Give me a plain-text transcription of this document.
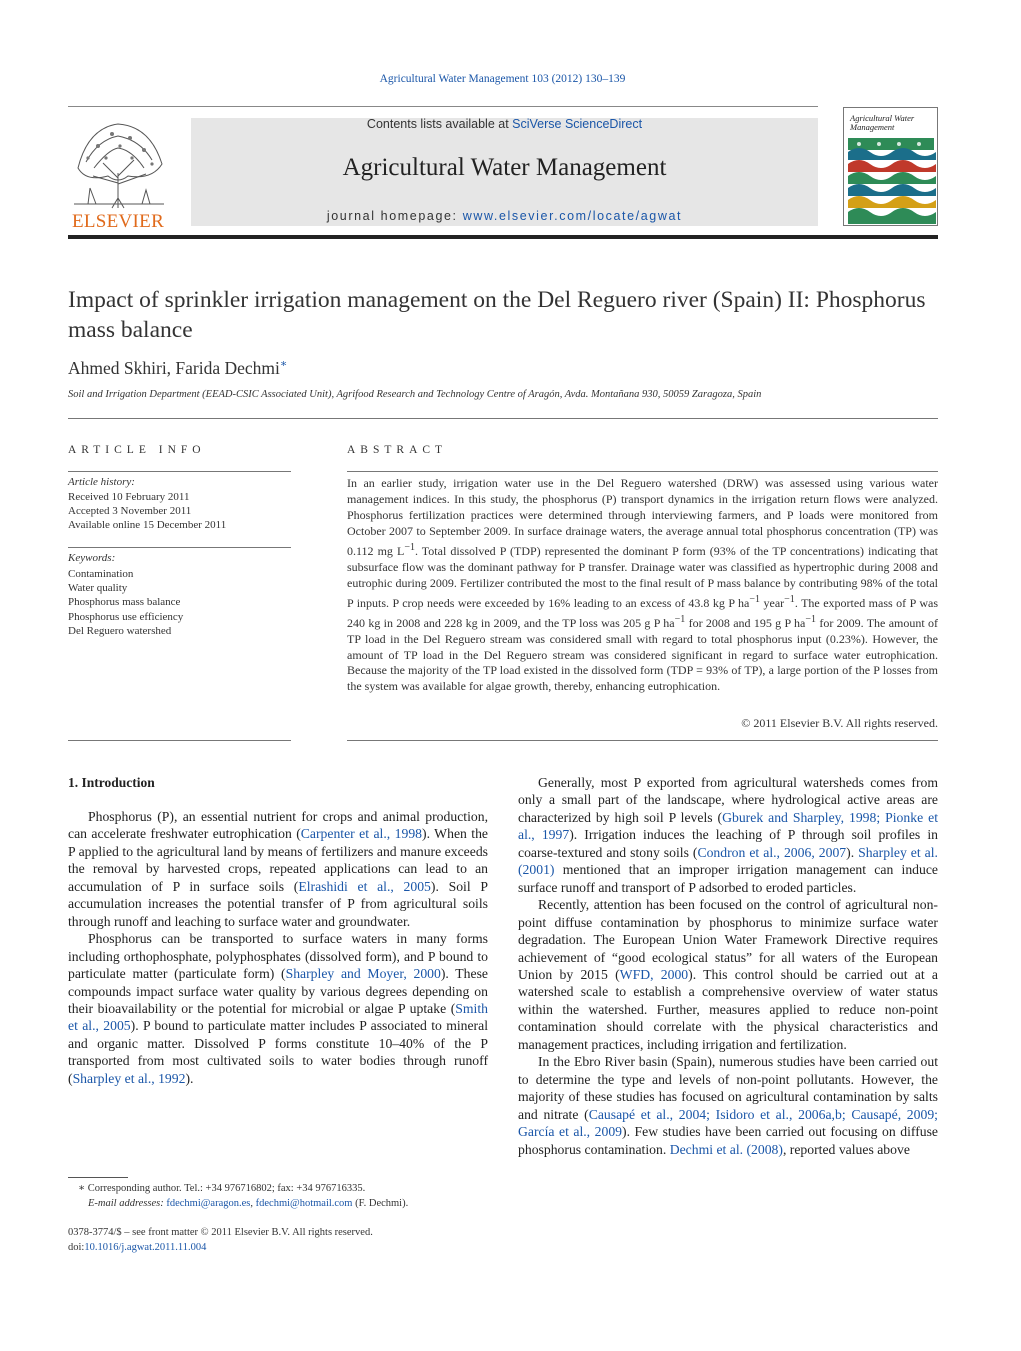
Agricultural Water Management 103 (2012) 130–139
ELSEVIER
Contents lists available at SciVerse ScienceDirect
Agricultural Water Management
journal homepage: www.elsevier.com/locate/agwat
Agricultural Water Management
Impact of sprinkler irrigation management on the Del Reguero river (Spain) II: Phosphorus mass balance
Ahmed Skhiri, Farida Dechmi∗
Soil and Irrigation Department (EEAD-CSIC Associated Unit), Agrifood Research and Technology Centre of Aragón, Avda. Montañana 930, 50059 Zaragoza, Spain
ARTICLE INFO	ABSTRACT
Article history:
Received 10 February 2011
Accepted 3 November 2011
Available online 15 December 2011
Keywords:
Contamination
Water quality
Phosphorus mass balance
Phosphorus use efficiency
Del Reguero watershed
In an earlier study, irrigation water use in the Del Reguero watershed (DRW) was assessed using various water management indices. In this study, the phosphorus (P) transport dynamics in the irrigation return flows were analyzed. Phosphorus fertilization practices were determined through interviewing farmers, and P loads were monitored from October 2007 to September 2009. In surface drainage waters, the average annual total phosphorus concentration (TP) was 0.112 mg $L^{-1}$. Total dissolved P (TDP) represented the dominant P form (93% of the TP concentrations) indicating that subsurface flow was the dominant pathway for P transfer. Drainage water was classified as hypertrophic during 2008 and eutrophic during 2009. Fertilizer contributed the most to the final result of P mass balance by contributing 98% of the total P inputs. P crop needs were exceeded by 16% leading to an excess of 43.8 kg P $ha^{-1}$ year$^{-1}$. The exported mass of P was 240 kg in 2008 and 228 kg in 2009, and the TP loss was 205 g P $ha^{-1}$ for 2008 and 195 g P $ha^{-1}$ for 2009. The amount of TP load in the Del Reguero stream was considered small with regard to total phosphorus input (0.23%). However, the amount of TP load in the Del Reguero stream was considered significant in regard to surface water eutrophication. Because the majority of the TP load existed in the dissolved form (TDP = 93% of TP), a large portion of the P losses from the system was available for algae growth, thereby, enhancing eutrophication.
© 2011 Elsevier B.V. All rights reserved.
1. Introduction

Phosphorus (P), an essential nutrient for crops and animal production, can accelerate freshwater eutrophication (Carpenter et al., 1998). When the P applied to the agricultural land by means of fertilizers and manure exceeds the removal by harvested crops, repeated applications can lead to an accumulation of P in surface soils (Elrashidi et al., 2005). Soil P accumulation increases the potential transfer of P from agricultural soils through runoff and leaching to surface water and groundwater.

Phosphorus can be transported to surface waters in many forms including orthophosphate, polyphosphates (dissolved form), and P bound to particulate matter (particulate form) (Sharpley and Moyer, 2000). These compounds impact surface water quality by various degrees depending on their bioavailability or the potential for microbial or algae P uptake (Smith et al., 2005). P bound to particulate matter includes P associated to mineral and organic matter. Dissolved P forms constitute 10–40% of the P transported from most cultivated soils to water bodies through runoff (Sharpley et al., 1992).

Generally, most P exported from agricultural watersheds comes from only a small part of the landscape, where hydrological active areas are characterized by high soil P levels (Gburek and Sharpley, 1998; Pionke et al., 1997). Irrigation induces the leaching of P through soil profiles in coarse-textured and stony soils (Condron et al., 2006, 2007). Sharpley et al. (2001) mentioned that an improper irrigation management can induce surface runoff and transport of P adsorbed to eroded particles.

Recently, attention has been focused on the control of agricultural non-point diffuse contamination by phosphorus to minimize surface water degradation. The European Union Water Framework Directive requires achievement of “good ecological status” for all waters of the European Union by 2015 (WFD, 2000). This control should be carried out at a watershed scale to establish a comprehensive overview of water status within the watershed. Further, measures applied to reduce non-point contamination should correlate with the physical characteristics and management practices, including irrigation and fertilization.

In the Ebro River basin (Spain), numerous studies have been carried out to determine the type and levels of non-point pollutants. However, the majority of these studies has focused on agricultural contamination by salts and nitrate (Causapé et al., 2004; Isidoro et al., 2006a,b; Causapé, 2009; García et al., 2009). Few studies have been carried out focusing on diffuse phosphorus contamination. Dechmi et al. (2008), reported values above

∗ Corresponding author. Tel.: +34 976716802; fax: +34 976716335.
E-mail addresses: fdechmi@aragon.es, fdechmi@hotmail.com (F. Dechmi).
0378-3774/$ – see front matter © 2011 Elsevier B.V. All rights reserved.
doi:10.1016/j.agwat.2011.11.004
